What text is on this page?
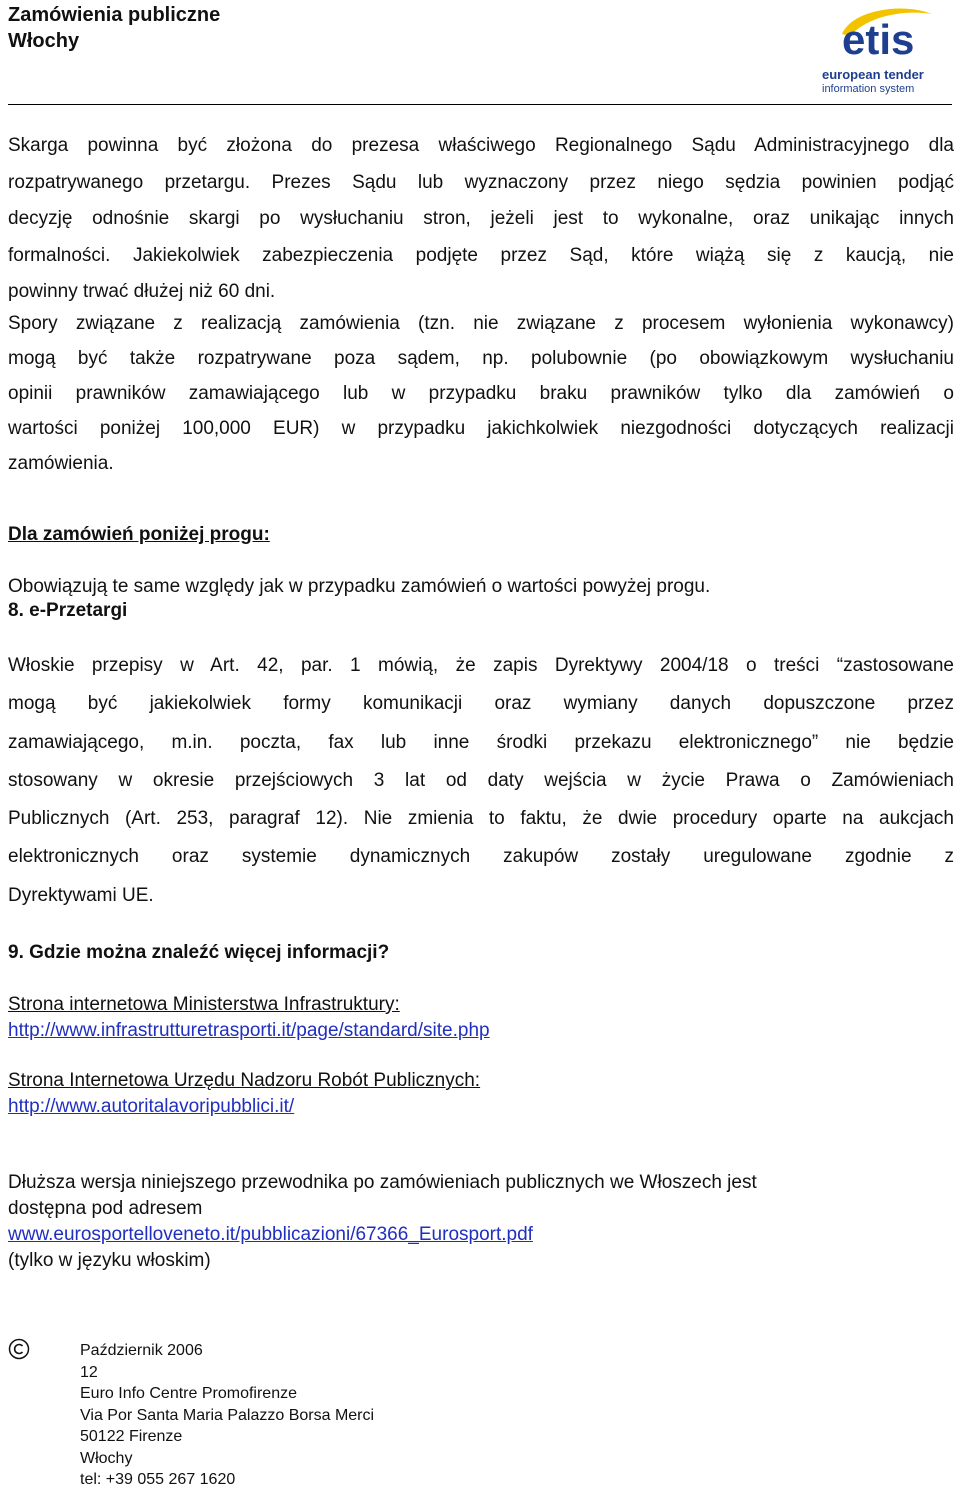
Zamówienia publiczne
Włochy	etis
european tender
information system
Skarga powinna być złożona do prezesa właściwego Regionalnego Sądu Administracyjnego dla
rozpatrywanego przetargu. Prezes Sądu lub wyznaczony przez niego sędzia powinien podjąć
decyzję odnośnie skargi po wysłuchaniu stron, jeżeli jest to wykonalne, oraz unikając innych
formalności. Jakiekolwiek zabezpieczenia podjęte przez Sąd, które wiążą się z kaucją, nie
powinny trwać dłużej niż 60 dni.
Spory związane z realizacją zamówienia (tzn. nie związane z procesem wyłonienia wykonawcy)
mogą być także rozpatrywane poza sądem, np. polubownie (po obowiązkowym wysłuchaniu
opinii prawników zamawiającego lub w przypadku braku prawników tylko dla zamówień o
wartości poniżej 100,000 EUR) w przypadku jakichkolwiek niezgodności dotyczących realizacji
zamówienia.
Dla zamówień poniżej progu:
Obowiązują te same względy jak w przypadku zamówień o wartości powyżej progu.
8. e-Przetargi
Włoskie przepisy w Art. 42, par. 1 mówią, że zapis Dyrektywy 2004/18 o treści “zastosowane
mogą być jakiekolwiek formy komunikacji oraz wymiany danych dopuszczone przez
zamawiającego, m.in. poczta, fax lub inne środki przekazu elektronicznego” nie będzie
stosowany w okresie przejściowych 3 lat od daty wejścia w życie Prawa o Zamówieniach
Publicznych (Art. 253, paragraf 12). Nie zmienia to faktu, że dwie procedury oparte na aukcjach
elektronicznych oraz systemie dynamicznych zakupów zostały uregulowane zgodnie z
Dyrektywami UE.
9. Gdzie można znaleźć więcej informacji?
Strona internetowa Ministerstwa Infrastruktury:
http://www.infrastrutturetrasporti.it/page/standard/site.php
Strona Internetowa Urzędu Nadzoru Robót Publicznych:
http://www.autoritalavoripubblici.it/
Dłuższa wersja niniejszego przewodnika po zamówieniach publicznych we Włoszech jest
dostępna pod adresem
www.eurosportelloveneto.it/pubblicazioni/67366_Eurosport.pdf
(tylko w języku włoskim)
Październik 2006
12
Euro Info Centre Promofirenze
Via Por Santa Maria Palazzo Borsa Merci
50122 Firenze
Włochy
tel: +39 055 267 1620
